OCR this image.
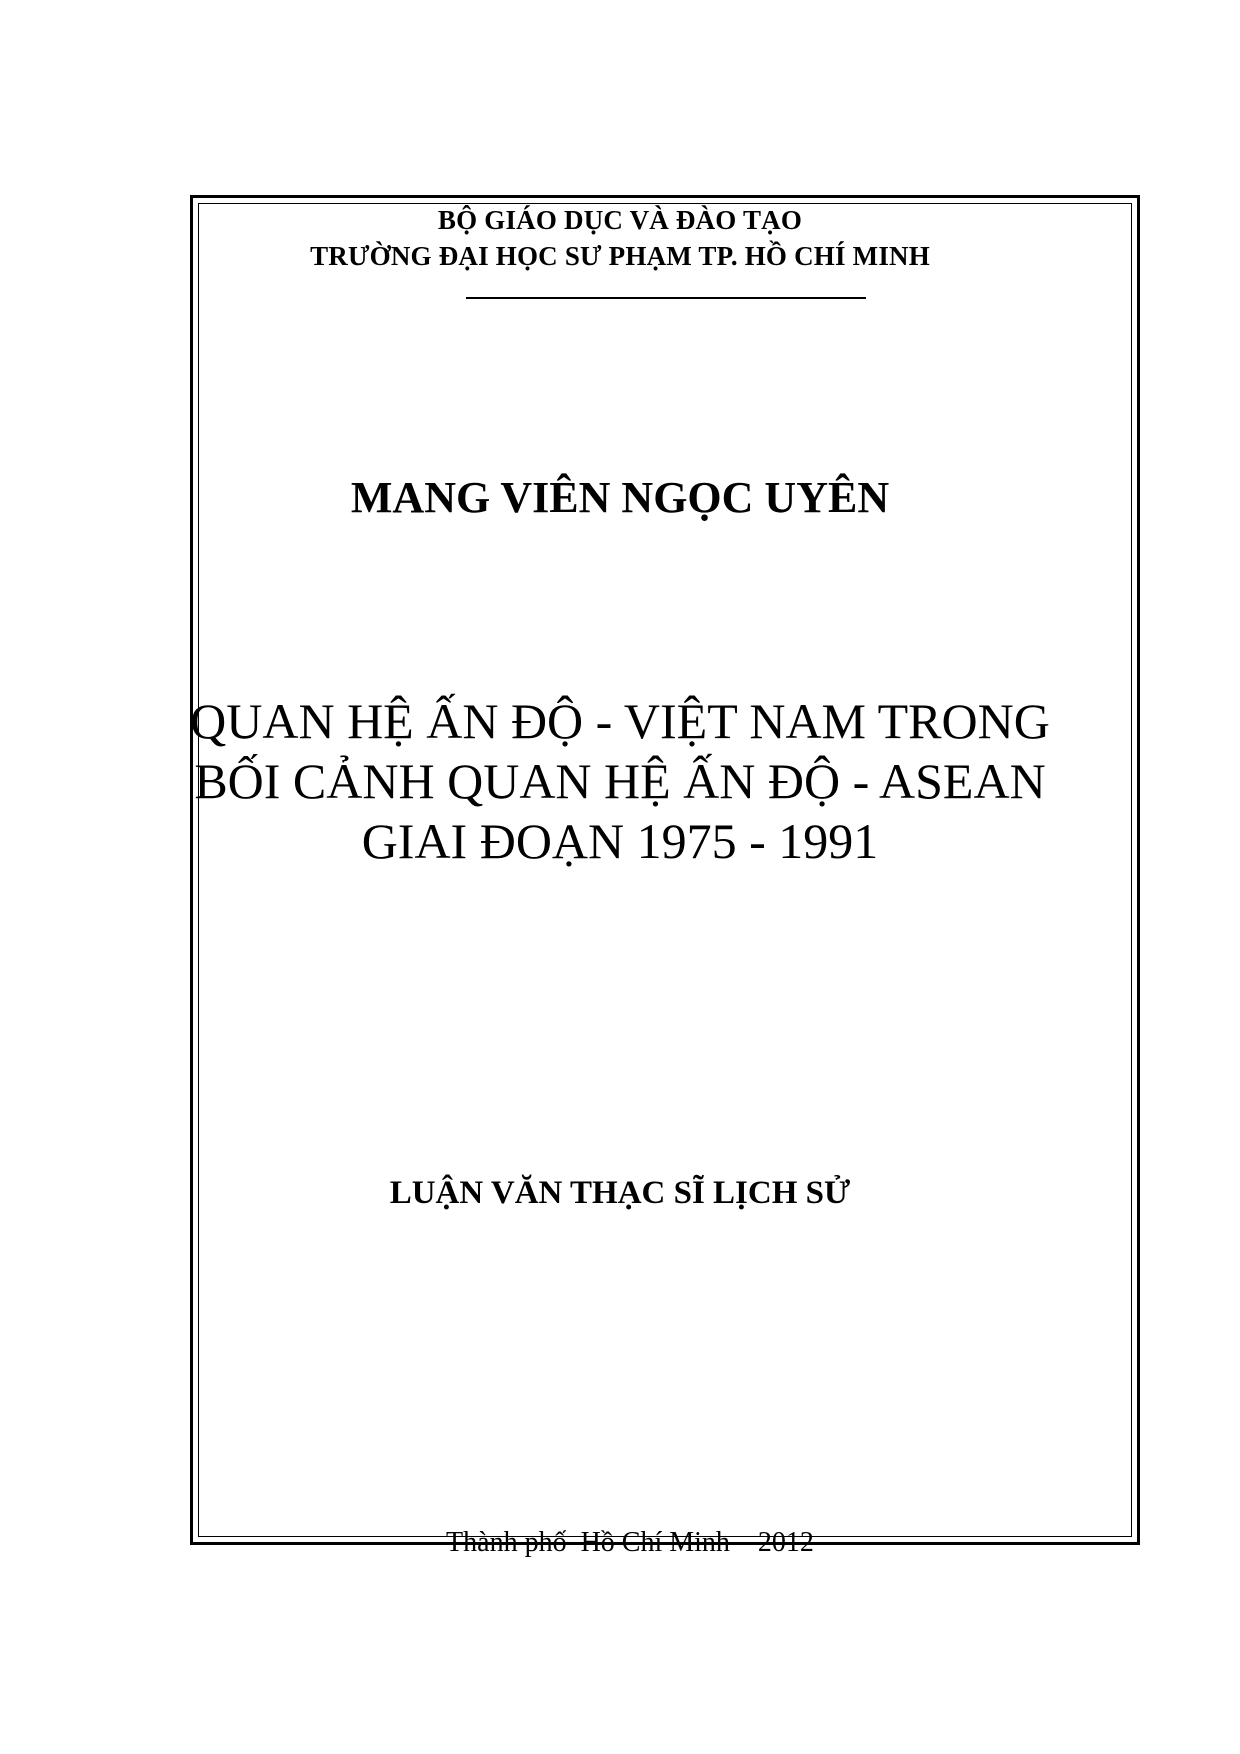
BỘ GIÁO DỤC VÀ ĐÀO TẠO
TRƯỜNG ĐẠI HỌC SƯ PHẠM TP. HỒ CHÍ MINH
MANG VIÊN NGỌC UYÊN
QUAN HỆ ẤN ĐỘ - VIỆT NAM TRONG
BỐI CẢNH QUAN HỆ ẤN ĐỘ - ASEAN
GIAI ĐOẠN 1975 - 1991
LUẬN VĂN THẠC SĨ LỊCH SỬ
Thành phố  Hồ Chí Minh – 2012
